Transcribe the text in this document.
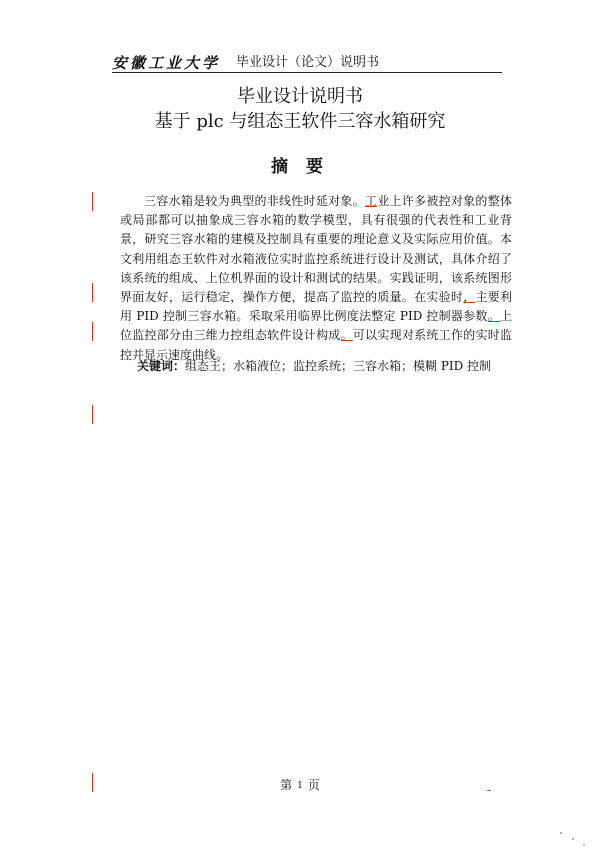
安徽工业大学 毕业设计（论文）说明书
毕业设计说明书
基于 plc 与组态王软件三容水箱研究
摘 要
三容水箱是较为典型的非线性时延对象。工业上许多被控对象的整体或局部都可以抽象成三容水箱的数学模型，具有很强的代表性和工业背景，研究三容水箱的建模及控制具有重要的理论意义及实际应用价值。本文利用组态王软件对水箱液位实时监控系统进行设计及测试，具体介绍了该系统的组成、上位机界面的设计和测试的结果。实践证明，该系统图形界面友好，运行稳定，操作方便，提高了监控的质量。在实验时，主要利用 PID 控制三容水箱。采取采用临界比例度法整定 PID 控制器参数。上位监控部分由三维力控组态软件设计构成。可以实现对系统工作的实时监控并显示速度曲线。
关键词：组态王；水箱液位；监控系统；三容水箱；模糊 PID 控制
第 1 页
